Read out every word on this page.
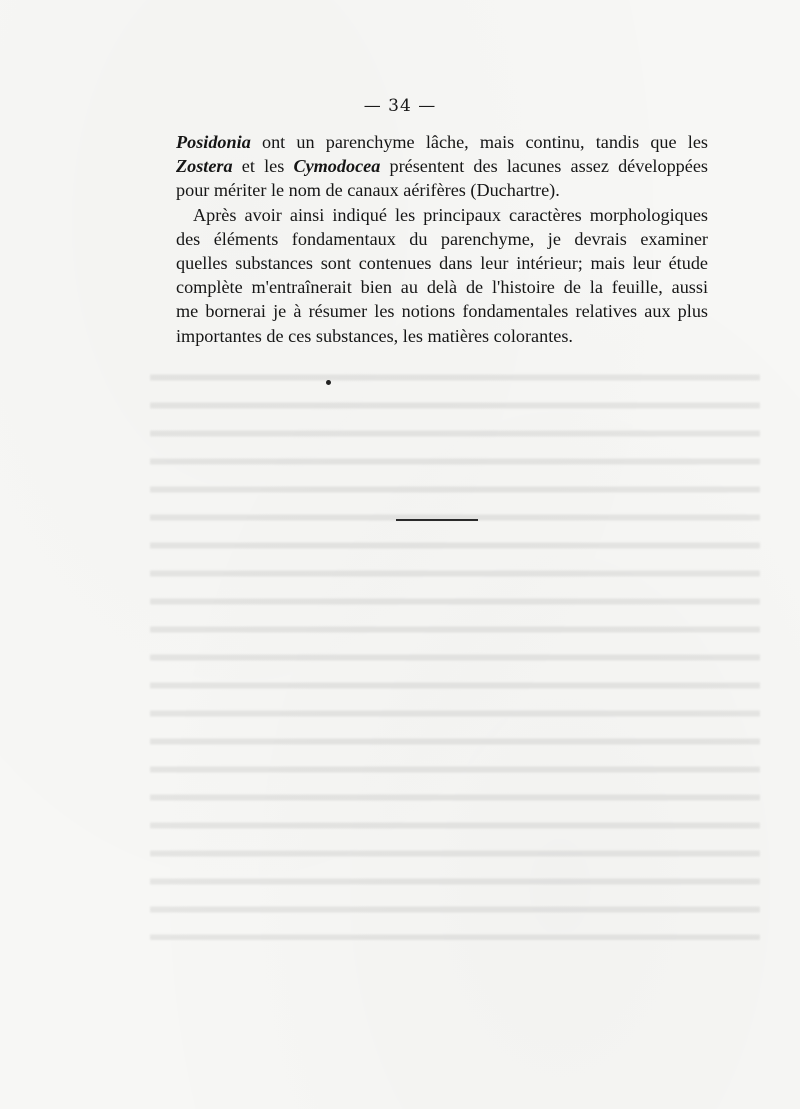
— 34 —
Posidonia ont un parenchyme lâche, mais continu, tandis que les
Zostera et les Cymodocea présentent des lacunes assez développées
pour mériter le nom de canaux aérifères (Duchartre).
Après avoir ainsi indiqué les principaux caractères morphologiques
des éléments fondamentaux du parenchyme, je devrais examiner
quelles substances sont contenues dans leur intérieur; mais leur étude
complète m'entraînerait bien au delà de l'histoire de la feuille, aussi
me bornerai je à résumer les notions fondamentales relatives aux plus
importantes de ces substances, les matières colorantes.
